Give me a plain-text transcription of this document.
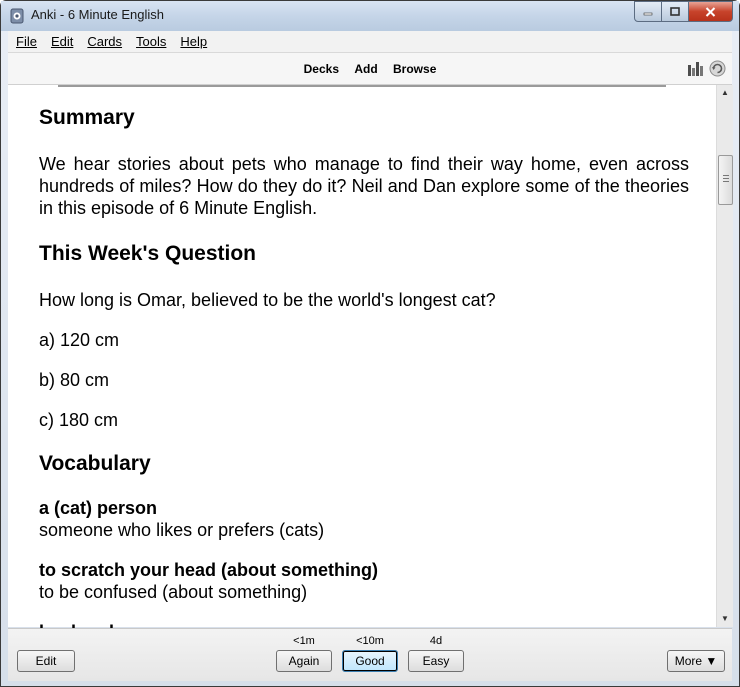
Anki - 6 Minute English
File	Edit	Cards	Tools	Help
Decks Add Browse
Summary

We hear stories about pets who manage to find their way home, even across hundreds of miles? How do they do it? Neil and Dan explore some of the theories in this episode of 6 Minute English.

This Week's Question

How long is Omar, believed to be the world's longest cat?

a) 120 cm

b) 80 cm

c) 180 cm

Vocabulary

a (cat) person

someone who likes or prefers (cats)

to scratch your head (about something)

to be confused (about something)

▲
▼
Edit
<1m
Again
<10m
Good
4d
Easy	More ▼
